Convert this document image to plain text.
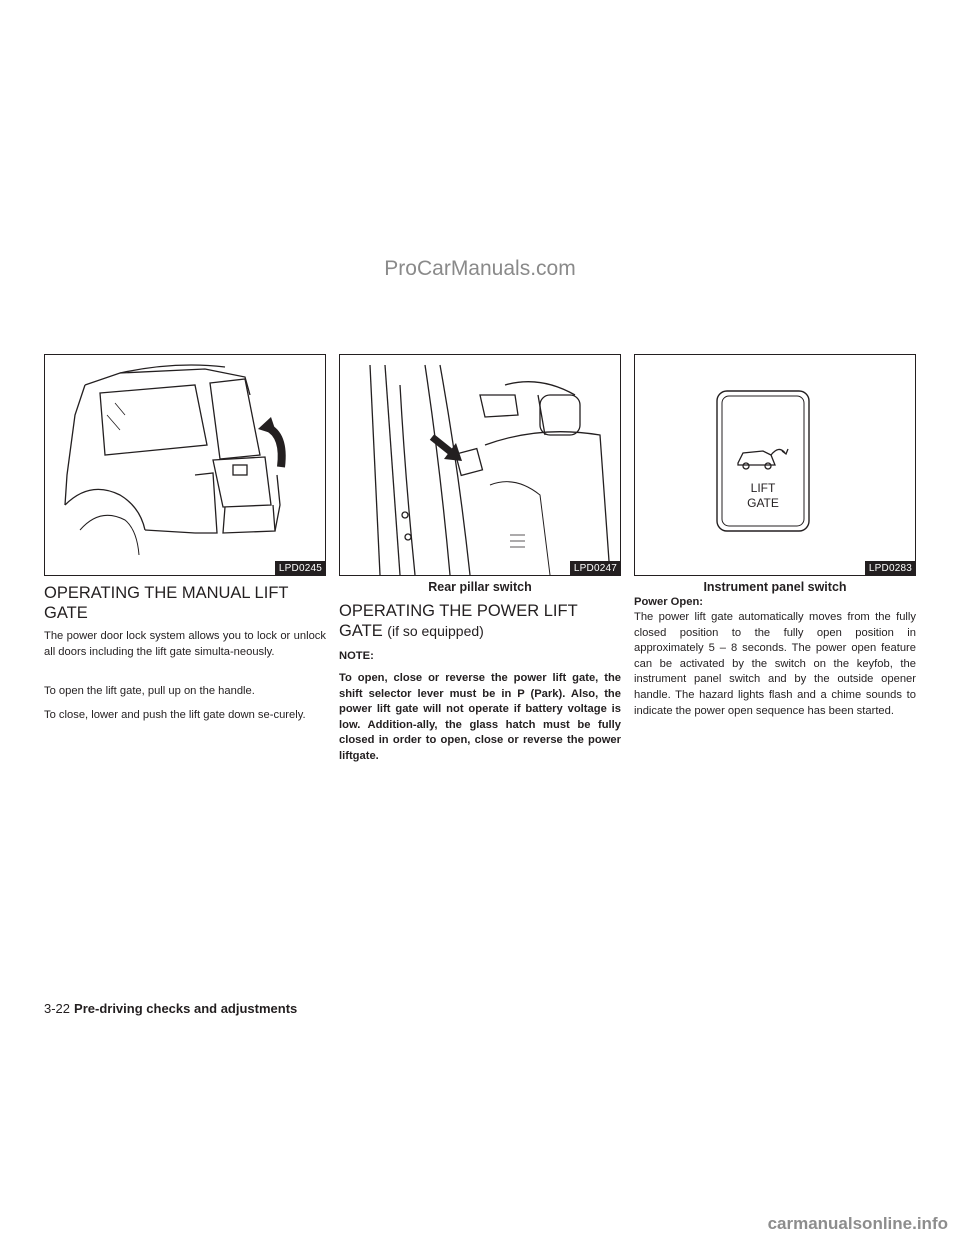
ProCarManuals.com
LPD0245	LPD0247
LIFT
GATE
LPD0283
Rear pillar switch	Instrument panel switch
OPERATING THE MANUAL LIFT
GATE

The power door lock system allows you to lock or unlock all doors including the lift gate simulta-neously.

To open the lift gate, pull up on the handle.

To close, lower and push the lift gate down se-curely.

OPERATING THE POWER LIFT
GATE (if so equipped)

NOTE:

To open, close or reverse the power lift gate, the shift selector lever must be in P (Park). Also, the power lift gate will not operate if battery voltage is low. Addition-ally, the glass hatch must be fully closed in order to open, close or reverse the power liftgate.

Power Open:

The power lift gate automatically moves from the fully closed position to the fully open position in approximately 5 – 8 seconds. The power open feature can be activated by the switch on the keyfob, the instrument panel switch and by the outside opener handle. The hazard lights flash and a chime sounds to indicate the power open sequence has been started.

3-22 Pre-driving checks and adjustments
carmanualsonline.info
